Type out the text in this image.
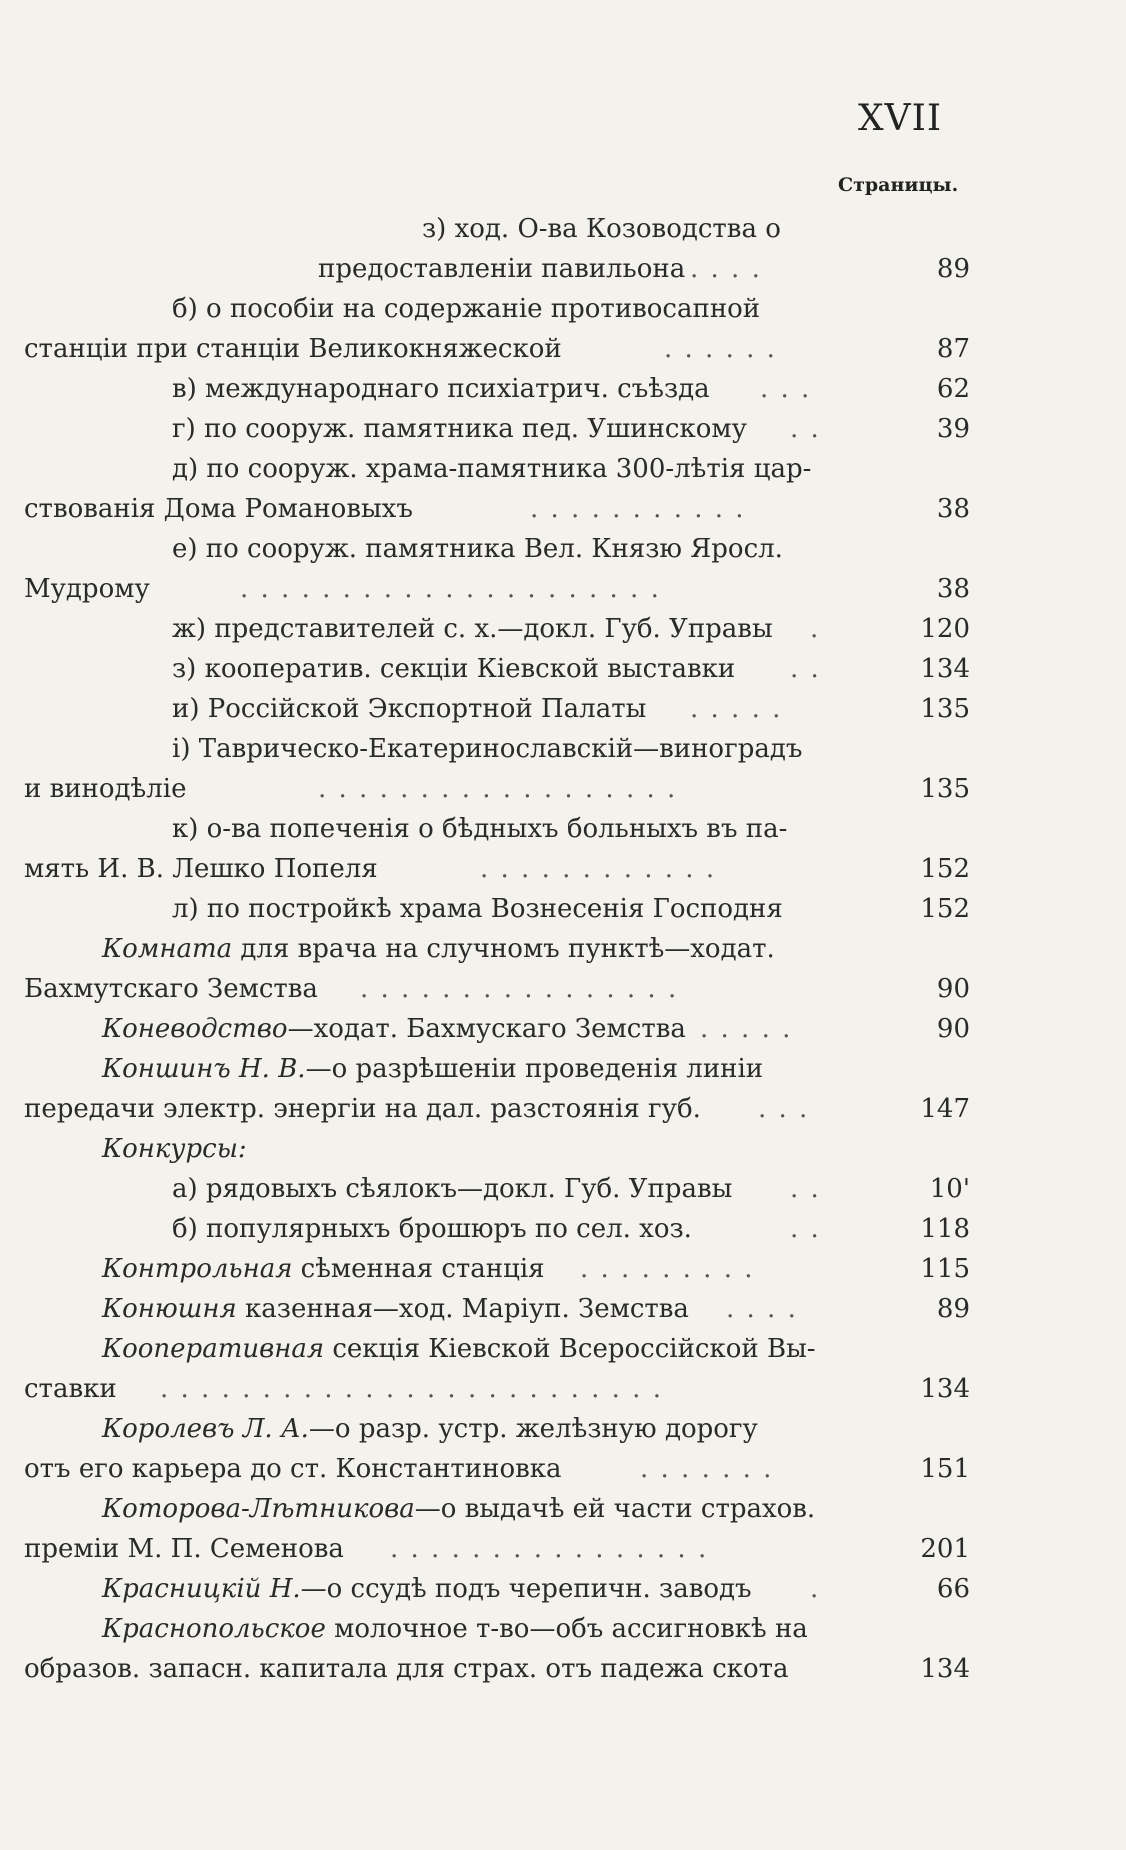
XVII
Страницы.
з) ход. О-ва Козоводства о
предоставленіи павильона . . . .	89
б) о пособіи на содержаніе противосапной
станціи при станціи Великокняжеской	. . . . . .	87
в) международнаго психіатрич. съѣзда . . .	62
г) по сооруж. памятника пед. Ушинскому . .	39
д) по сооруж. храма-памятника 300-лѣтія цар-
ствованія Дома Романовыхъ	. . . . . . . . . . .	38
е) по сооруж. памятника Вел. Князю Яросл.
Мудрому	. . . . . . . . . . . . . . . . . . . . .	38
ж) представителей с. х.—докл. Губ. Управы .	120
з) кооператив. секціи Кіевской выставки . .	134
и) Россійской Экспортной Палаты . . . . .	135
і) Таврическо-Екатеринославскій—виноградъ
и винодѣліе	. . . . . . . . . . . . . . . . . .	135
к) о-ва попеченія о бѣдныхъ больныхъ въ па-
мять И. В. Лешко Попеля	. . . . . . . . . . . .	152
л) по постройкѣ храма Вознесенія Господня	152
Комната для врача на случномъ пунктѣ—ходат.
Бахмутскаго Земства . . . . . . . . . . . . . . . .	90
Коневодство—ходат. Бахмускаго Земства . . . . .	90
Коншинъ Н. В.—о разрѣшеніи проведенія линіи
передачи электр. энергіи на дал. разстоянія губ. . . .	147
Конкурсы:
а) рядовыхъ сѣялокъ—докл. Губ. Управы . .	10'
б) популярныхъ брошюръ по сел. хоз.	. .	118
Контрольная сѣменная станція . . . . . . . . .	115
Конюшня казенная—ход. Маріуп. Земства . . . .	89
Кооперативная секція Кіевской Всероссійской Вы-
ставки . . . . . . . . . . . . . . . . . . . . . . . . .	134
Королевъ Л. А.—о разр. устр. желѣзную дорогу
отъ его карьера до ст. Константиновка	. . . . . . .	151
Которова-Лѣтникова—о выдачѣ ей части страхов.
преміи М. П. Семенова . . . . . . . . . . . . . . . .	201
Красницкій Н.—о ссудѣ подъ черепичн. заводъ .	66
Краснопольское молочное т-во—объ ассигновкѣ на
образов. запасн. капитала для страх. отъ падежа скота	134
